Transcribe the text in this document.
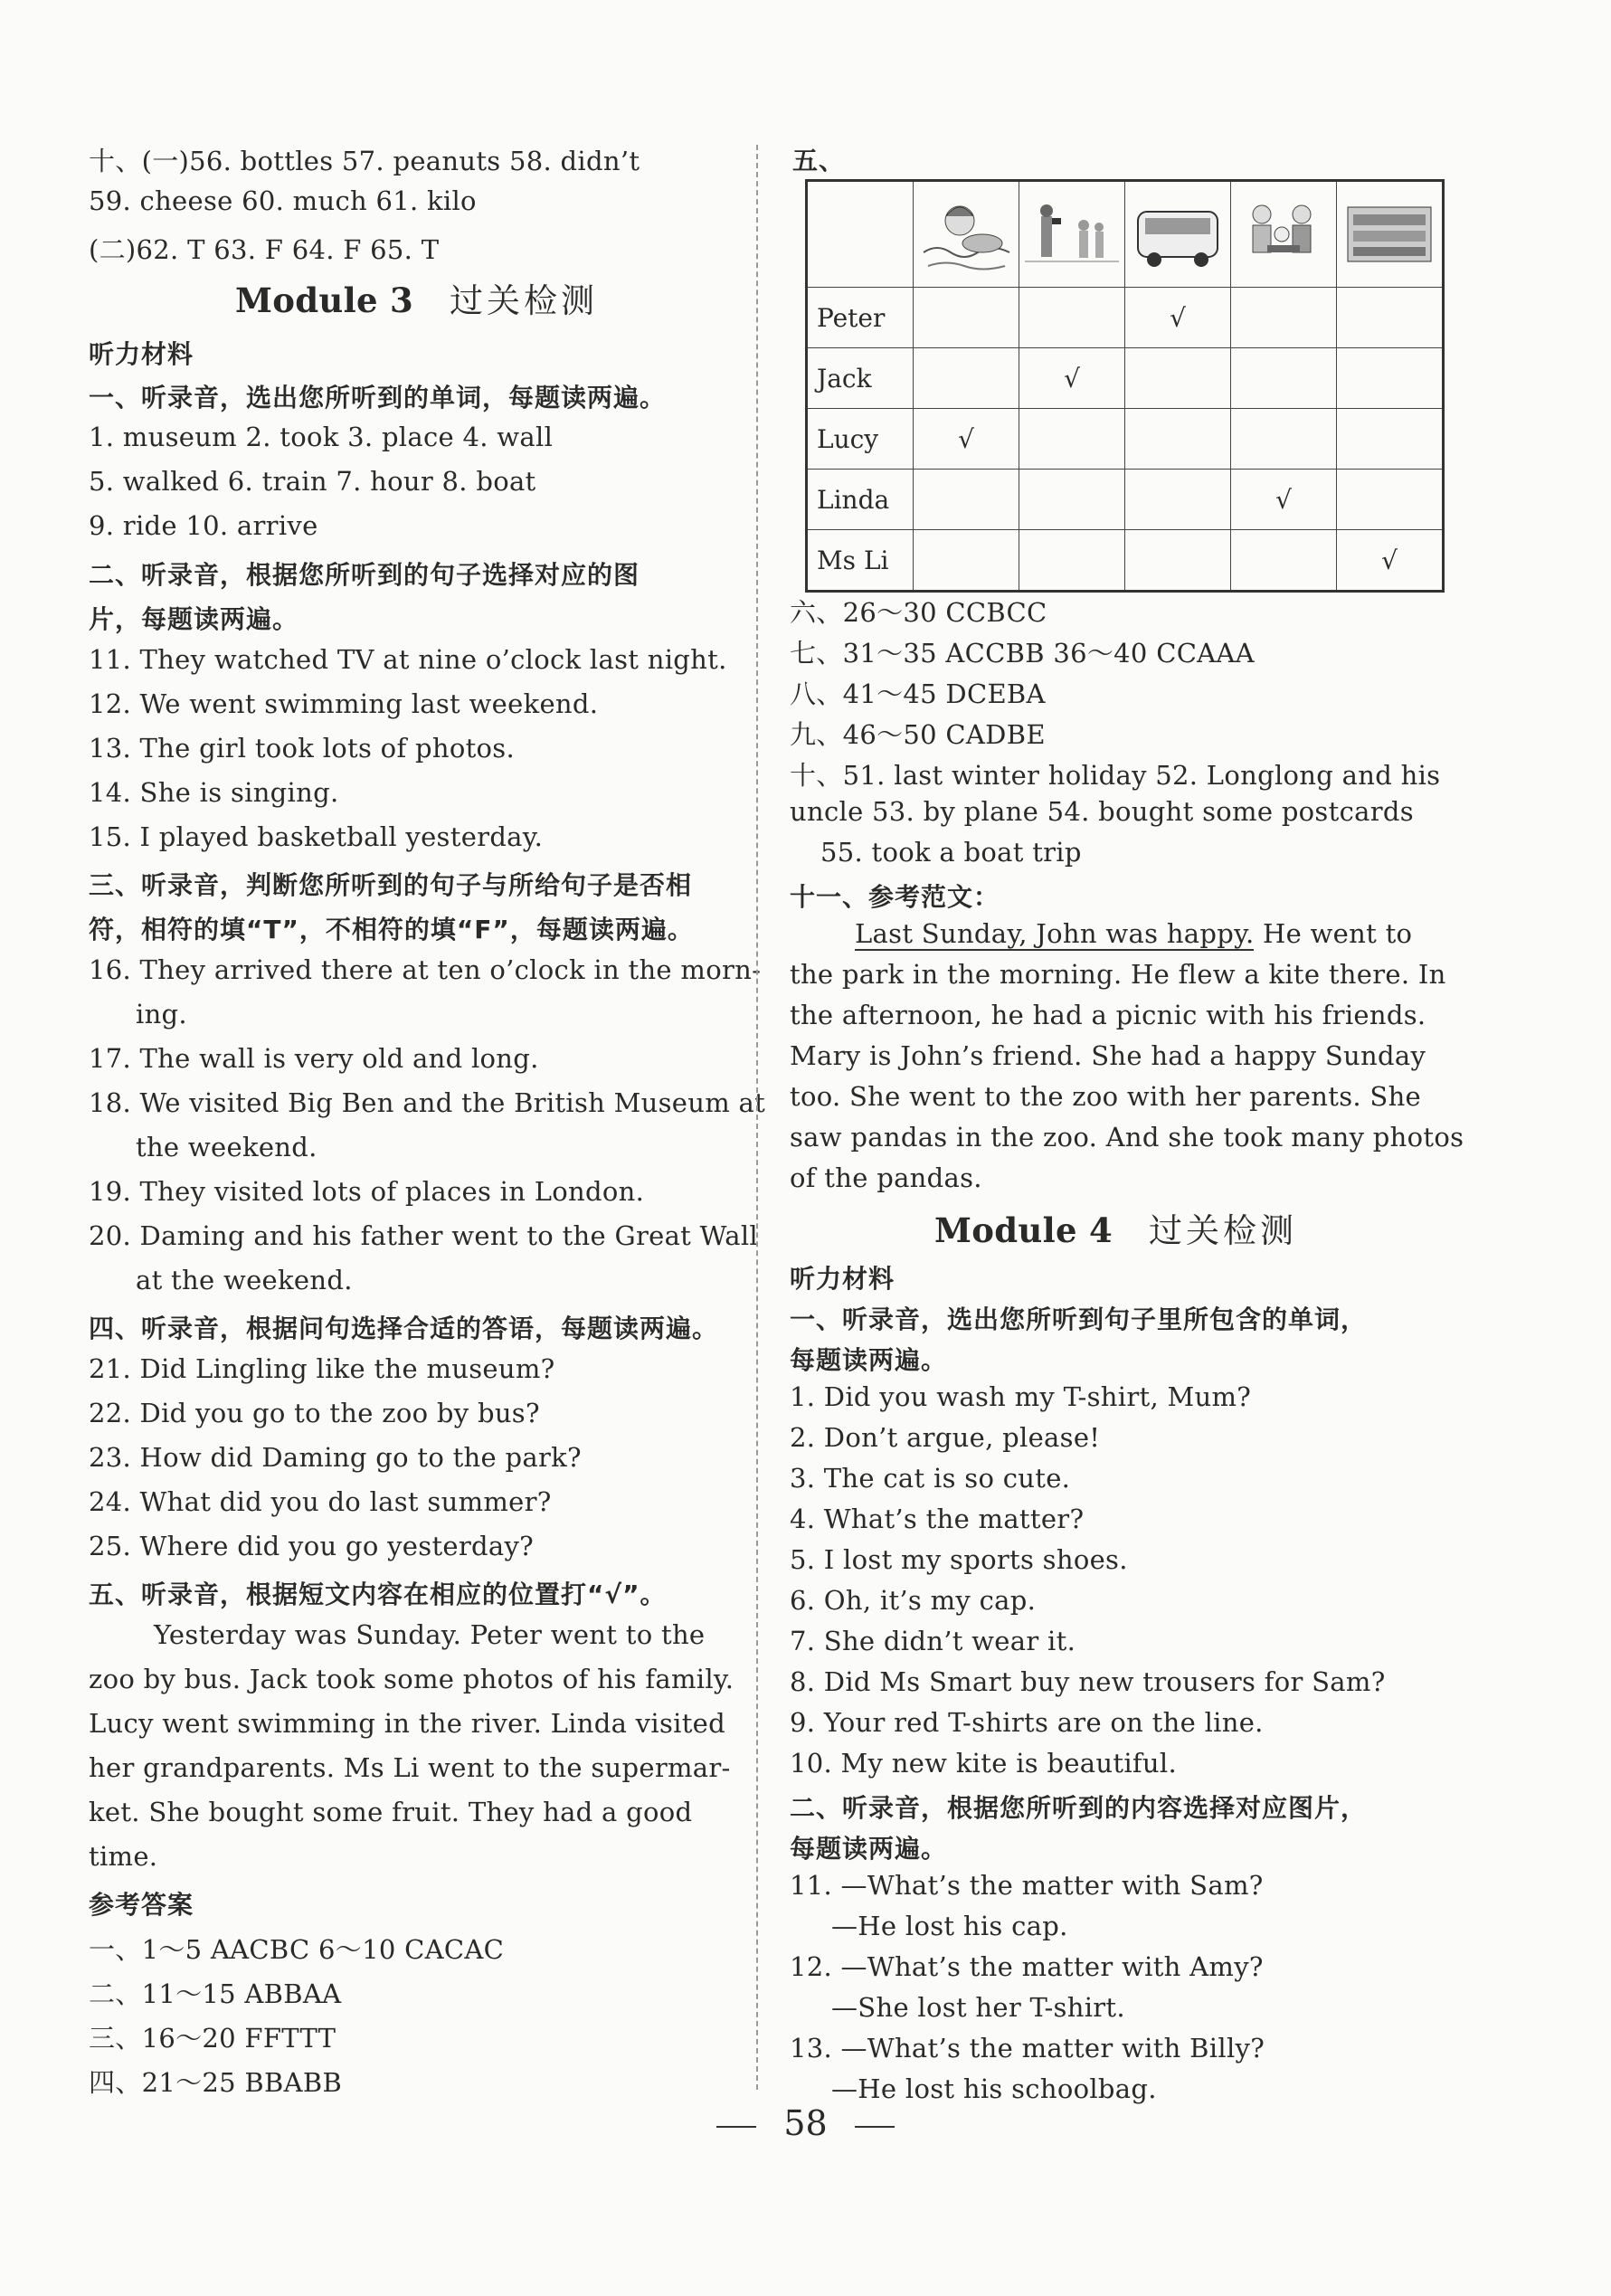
十、(一)56. bottles 57. peanuts 58. didn’t
59. cheese 60. much 61. kilo
(二)62. T 63. F 64. F 65. T
Module 3 过关检测
听力材料
一、听录音，选出您所听到的单词，每题读两遍。
1. museum 2. took 3. place 4. wall
5. walked 6. train 7. hour 8. boat
9. ride 10. arrive
二、听录音，根据您所听到的句子选择对应的图
片，每题读两遍。
11. They watched TV at nine o’clock last night.
12. We went swimming last weekend.
13. The girl took lots of photos.
14. She is singing.
15. I played basketball yesterday.
三、听录音，判断您所听到的句子与所给句子是否相
符，相符的填“T”，不相符的填“F”，每题读两遍。
16. They arrived there at ten o’clock in the morn-
ing.
17. The wall is very old and long.
18. We visited Big Ben and the British Museum at
the weekend.
19. They visited lots of places in London.
20. Daming and his father went to the Great Wall
at the weekend.
四、听录音，根据问句选择合适的答语，每题读两遍。
21. Did Lingling like the museum?
22. Did you go to the zoo by bus?
23. How did Daming go to the park?
24. What did you do last summer?
25. Where did you go yesterday?
五、听录音，根据短文内容在相应的位置打“√”。
Yesterday was Sunday. Peter went to the
zoo by bus. Jack took some photos of his family.
Lucy went swimming in the river. Linda visited
her grandparents. Ms Li went to the supermar-
ket. She bought some fruit. They had a good
time.
参考答案
一、1～5 AACBC 6～10 CACAC
二、11～15 ABBAA
三、16～20 FFTTT
四、21～25 BBABB
五、

Peter			√		
Jack		√			
Lucy	√				
Linda				√	
Ms Li					√
六、26～30 CCBCC
七、31～35 ACCBB 36～40 CCAAA
八、41～45 DCEBA
九、46～50 CADBE
十、51. last winter holiday 52. Longlong and his
uncle 53. by plane 54. bought some postcards
55. took a boat trip
十一、参考范文：
Last Sunday, John was happy. He went to
the park in the morning. He flew a kite there. In
the afternoon, he had a picnic with his friends.
Mary is John’s friend. She had a happy Sunday
too. She went to the zoo with her parents. She
saw pandas in the zoo. And she took many photos
of the pandas.
Module 4 过关检测
听力材料
一、听录音，选出您所听到句子里所包含的单词，
每题读两遍。
1. Did you wash my T-shirt, Mum?
2. Don’t argue, please!
3. The cat is so cute.
4. What’s the matter?
5. I lost my sports shoes.
6. Oh, it’s my cap.
7. She didn’t wear it.
8. Did Ms Smart buy new trousers for Sam?
9. Your red T-shirts are on the line.
10. My new kite is beautiful.
二、听录音，根据您所听到的内容选择对应图片，
每题读两遍。
11. —What’s the matter with Sam?
—He lost his cap.
12. —What’s the matter with Amy?
—She lost her T-shirt.
13. —What’s the matter with Billy?
—He lost his schoolbag.
58
